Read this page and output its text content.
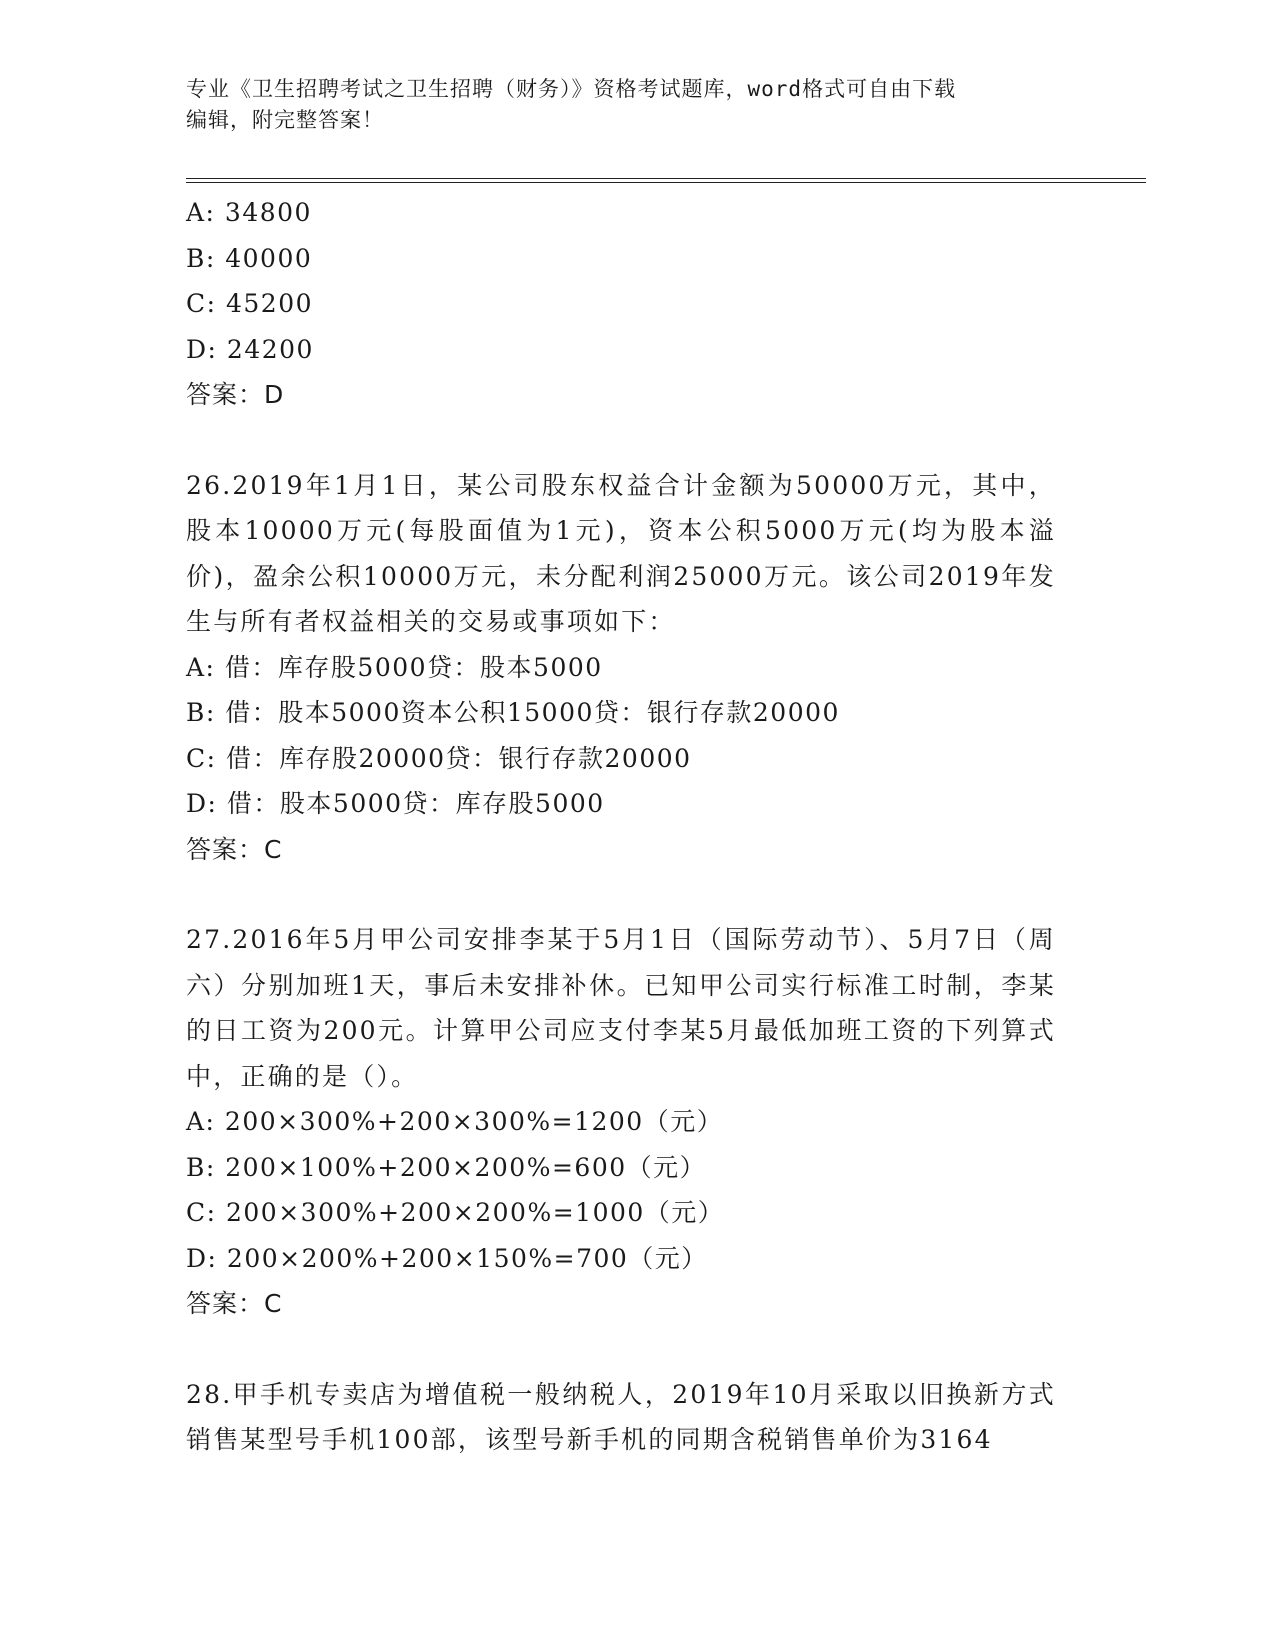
专业《卫生招聘考试之卫生招聘（财务）》资格考试题库，word格式可自由下载
编辑，附完整答案！
A: 34800
B: 40000
C: 45200
D: 24200
答案：D
26.2019年1月1日，某公司股东权益合计金额为50000万元，其中，股本10000万元(每股面值为1元)，资本公积5000万元(均为股本溢价)，盈余公积10000万元，未分配利润25000万元。该公司2019年发生与所有者权益相关的交易或事项如下：
A: 借：库存股5000贷：股本5000
B: 借：股本5000资本公积15000贷：银行存款20000
C: 借：库存股20000贷：银行存款20000
D: 借：股本5000贷：库存股5000
答案：C
27.2016年5月甲公司安排李某于5月1日（国际劳动节）、5月7日（周六）分别加班1天，事后未安排补休。已知甲公司实行标准工时制，李某的日工资为200元。计算甲公司应支付李某5月最低加班工资的下列算式中，正确的是（）。
A: 200×300%+200×300%=1200（元）
B: 200×100%+200×200%=600（元）
C: 200×300%+200×200%=1000（元）
D: 200×200%+200×150%=700（元）
答案：C
28.甲手机专卖店为增值税一般纳税人，2019年10月采取以旧换新方式销售某型号手机100部，该型号新手机的同期含税销售单价为3164
